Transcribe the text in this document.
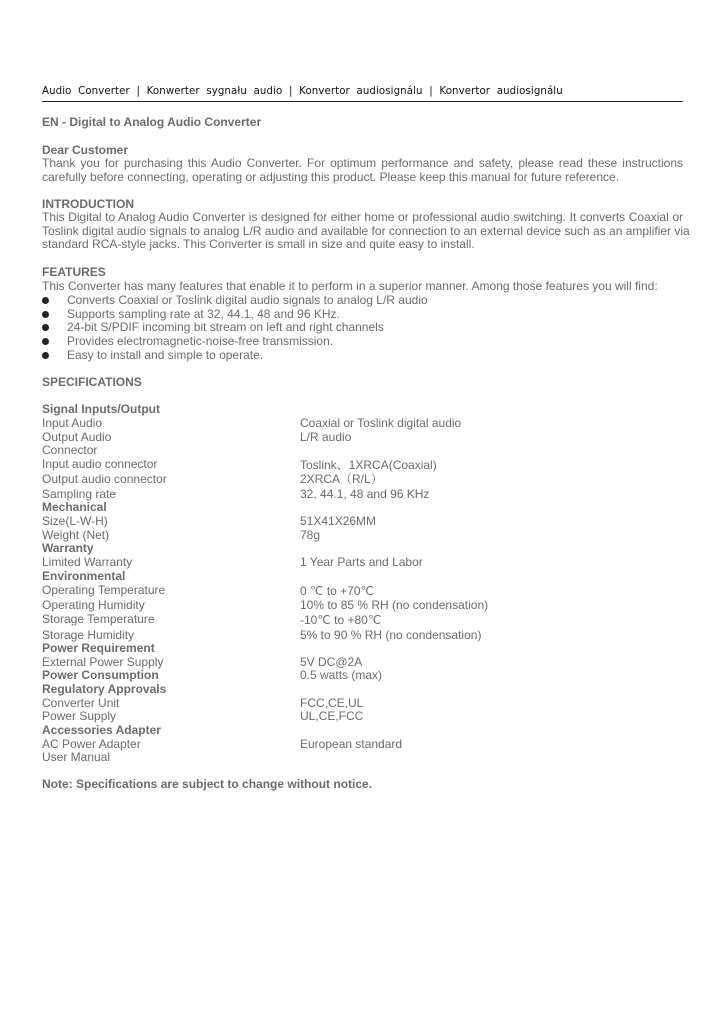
Audio  Converter  |  Konwerter  sygnału  audio  |  Konvertor  audiosignálu  |  Konvertor  audiosignálu
EN - Digital to Analog Audio Converter
Dear Customer
Thank you for purchasing this Audio Converter. For optimum performance and safety, please read these instructions
carefully before connecting, operating or adjusting this product. Please keep this manual for future reference.
INTRODUCTION
This Digital to Analog Audio Converter is designed for either home or professional audio switching. It converts Coaxial or
Toslink digital audio signals to analog L/R audio and available for connection to an external device such as an amplifier via
standard RCA-style jacks. This Converter is small in size and quite easy to install.
FEATURES
This Converter has many features that enable it to perform in a superior manner. Among those features you will find:
Converts Coaxial or Toslink digital audio signals to analog L/R audio
Supports sampling rate at 32, 44.1, 48 and 96 KHz.
24-bit S/PDIF incoming bit stream on left and right channels
Provides electromagnetic-noise-free transmission.
Easy to install and simple to operate.
SPECIFICATIONS
Signal Inputs/Output
Input Audio	Coaxial or Toslink digital audio
Output Audio	L/R audio
Connector
Input audio connector	Toslink、1XRCA(Coaxial)
Output audio connector	2XRCA（R/L）
Sampling rate	32, 44.1, 48 and 96 KHz
Mechanical
Size(L-W-H)	51X41X26MM
Weight (Net)	78g
Warranty
Limited Warranty	1 Year Parts and Labor
Environmental
Operating Temperature	0 ℃ to +70℃
Operating Humidity	10% to 85 % RH (no condensation)
Storage Temperature	-10℃ to +80℃
Storage Humidity	5% to 90 % RH (no condensation)
Power Requirement
External Power Supply	5V DC@2A
Power Consumption	0.5 watts (max)
Regulatory Approvals
Converter Unit	FCC,CE,UL
Power Supply	UL,CE,FCC
Accessories Adapter
AC Power Adapter	European standard
User Manual
Note: Specifications are subject to change without notice.
